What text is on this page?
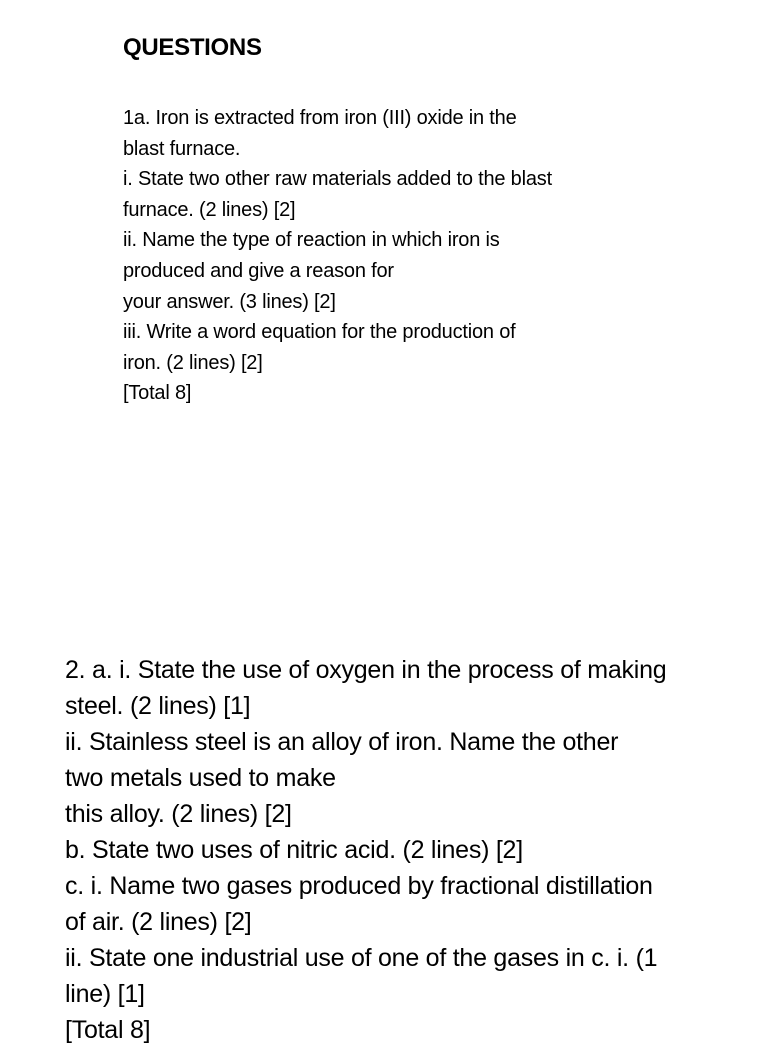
QUESTIONS
1a. Iron is extracted from iron (III) oxide in the
blast furnace.
i. State two other raw materials added to the blast
furnace. (2 lines) [2]
ii. Name the type of reaction in which iron is
produced and give a reason for
your answer. (3 lines) [2]
iii. Write a word equation for the production of
iron. (2 lines) [2]
[Total 8]
2. a. i. State the use of oxygen in the process of making
steel. (2 lines) [1]
ii. Stainless steel is an alloy of iron. Name the other
two metals used to make
this alloy. (2 lines) [2]
b. State two uses of nitric acid. (2 lines) [2]
c. i. Name two gases produced by fractional distillation
of air. (2 lines) [2]
ii. State one industrial use of one of the gases in c. i. (1
line) [1]
[Total 8]
